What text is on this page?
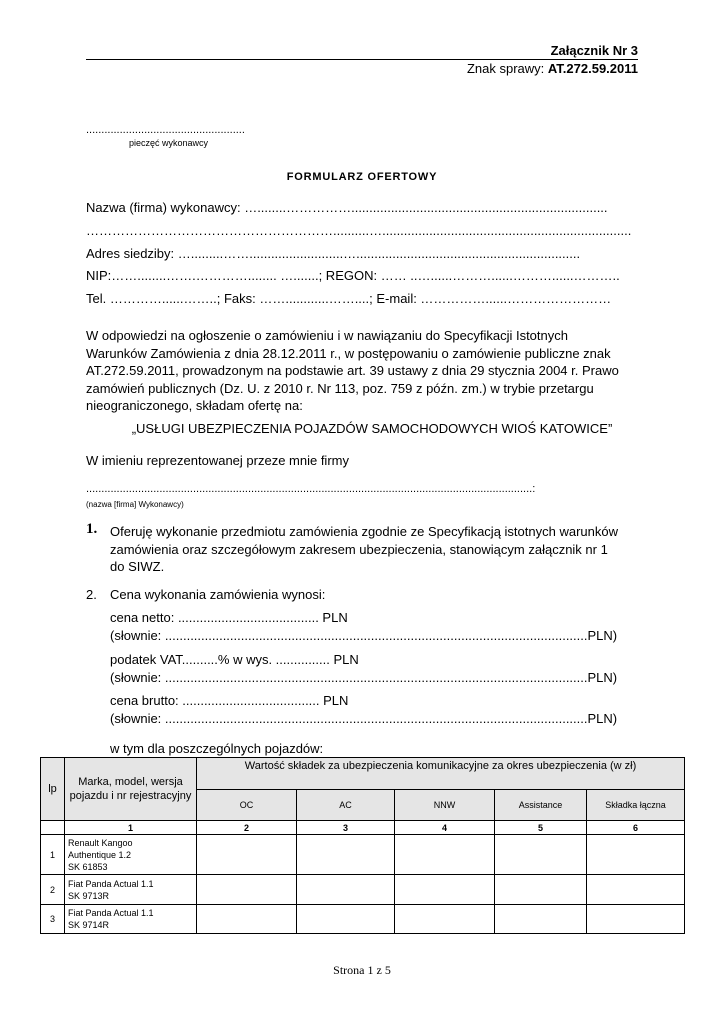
Załącznik Nr 3
Znak sprawy: AT.272.59.2011
....................................................
pieczęć wykonawcy
FORMULARZ OFERTOWY
Nazwa (firma) wykonawcy: …........…………….......................................................................
…………………………………………………..........….....................................................................
Adres siedziby: ….........……..........................…..............................................................
NIP:……........…….…………........ ….......; REGON: …… ..…......………......………......………..
Tel. …………......……..; Faks: ……............……....; E-mail: ……………......……………………
W odpowiedzi na ogłoszenie o zamówieniu i w nawiązaniu do Specyfikacji Istotnych
Warunków Zamówienia z dnia 28.12.2011 r., w postępowaniu o zamówienie publiczne znak
AT.272.59.2011, prowadzonym na podstawie art. 39 ustawy z dnia 29 stycznia 2004 r. Prawo
zamówień publicznych (Dz. U. z 2010 r. Nr 113, poz. 759 z późn. zm.) w trybie przetargu
nieograniczonego, składam ofertę na:
„USŁUGI UBEZPIECZENIA POJAZDÓW SAMOCHODOWYCH WIOŚ KATOWICE”
W imieniu reprezentowanej przeze mnie firmy
..................................................................................................................................................:
(nazwa [firma] Wykonawcy)
1. Oferuję wykonanie przedmiotu zamówienia zgodnie ze Specyfikacją istotnych warunków
zamówienia oraz szczegółowym zakresem ubezpieczenia, stanowiącym załącznik nr 1
do SIWZ.
2. Cena wykonania zamówienia wynosi:
cena netto: ....................................... PLN
(słownie: .....................................................................................................................PLN)
podatek VAT..........% w wys. ............... PLN
(słownie: .....................................................................................................................PLN)
cena brutto: ...................................... PLN
(słownie: .....................................................................................................................PLN)
w tym dla poszczególnych pojazdów:
lp	Marka, model, wersja pojazdu i nr rejestracyjny	Wartość składek za ubezpieczenia komunikacyjne za okres ubezpieczenia (w zł)				
		OC	AC	NNW	Assistance	Składka łączna
	1	2	3	4	5	6
1	Renault Kangoo
Authentique 1.2
SK 61853					

2	Fiat Panda Actual 1.1
SK 9713R					

3	Fiat Panda Actual 1.1
SK 9714R					

Strona 1 z 5
